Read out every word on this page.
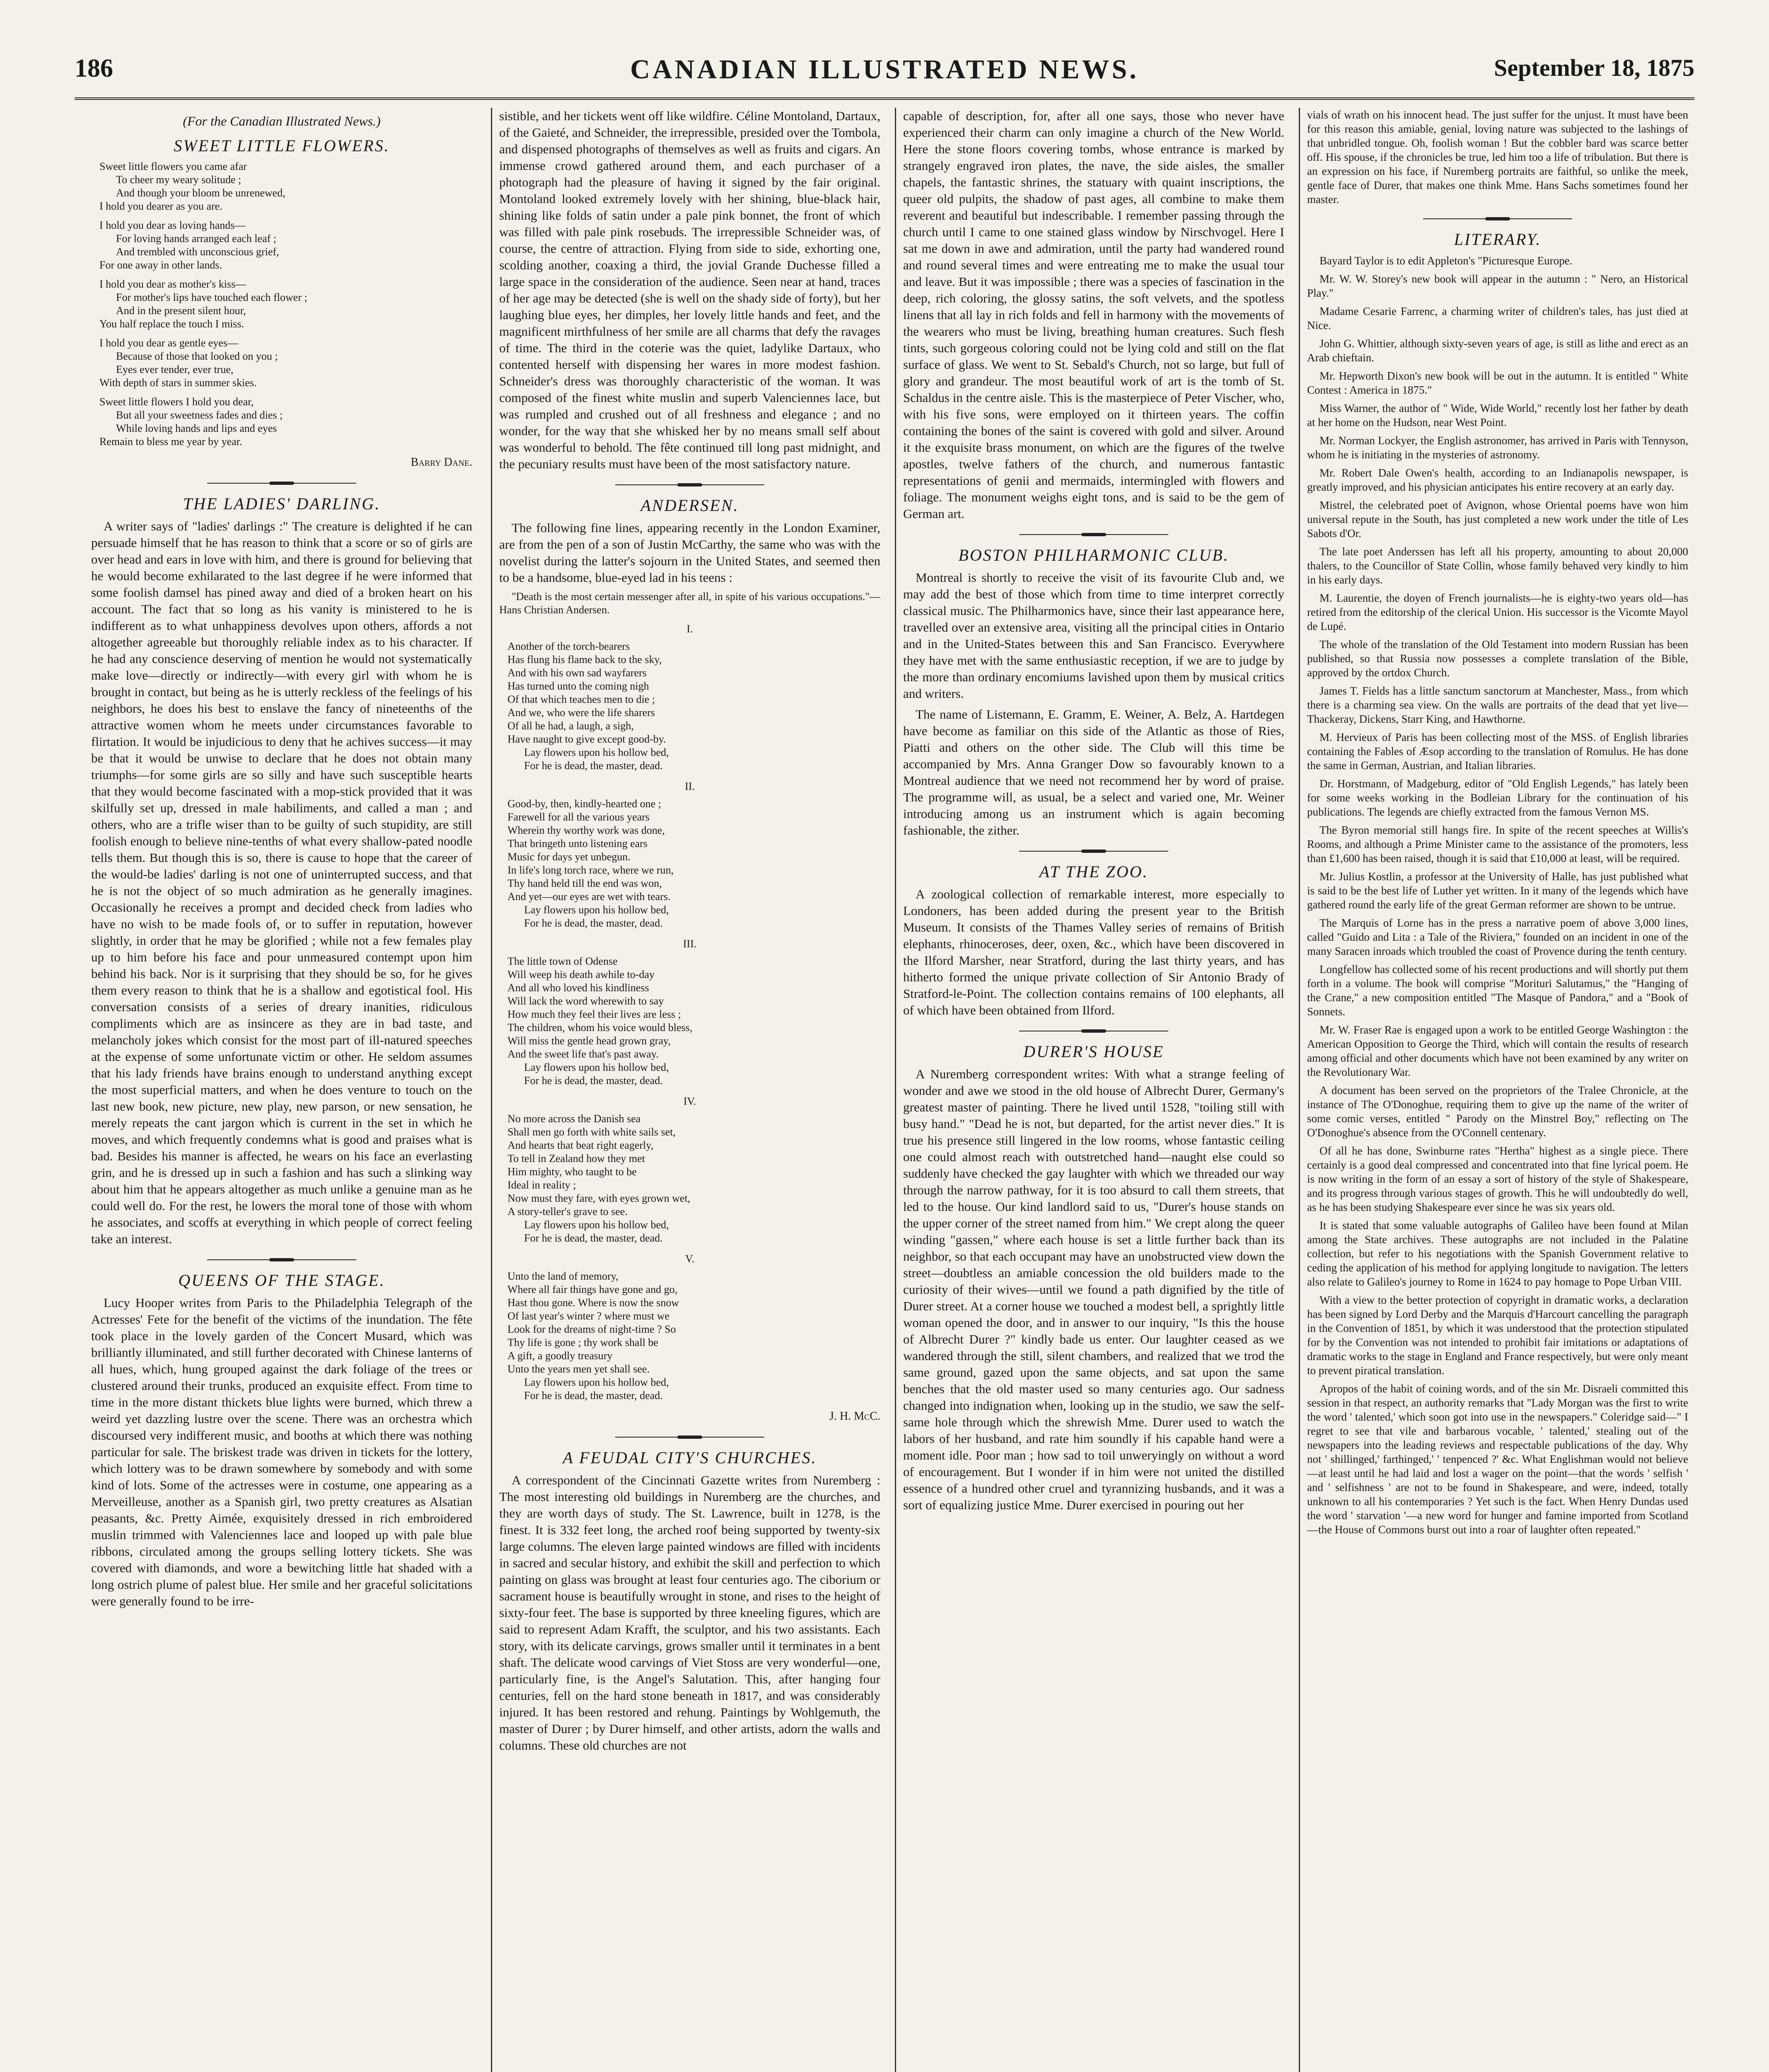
186	CANADIAN ILLUSTRATED NEWS.	September 18, 1875
(For the Canadian Illustrated News.)
SWEET LITTLE FLOWERS.
Sweet little flowers you came afar
To cheer my weary solitude ;
And though your bloom be unrenewed,
I hold you dearer as you are.
I hold you dear as loving hands—
For loving hands arranged each leaf ;
And trembled with unconscious grief,
For one away in other lands.
I hold you dear as mother's kiss—
For mother's lips have touched each flower ;
And in the present silent hour,
You half replace the touch I miss.
I hold you dear as gentle eyes—
Because of those that looked on you ;
Eyes ever tender, ever true,
With depth of stars in summer skies.
Sweet little flowers I hold you dear,
But all your sweetness fades and dies ;
While loving hands and lips and eyes
Remain to bless me year by year.
Barry Dane.
THE LADIES' DARLING.

A writer says of "ladies' darlings :" The creature is delighted if he can persuade himself that he has reason to think that a score or so of girls are over head and ears in love with him, and there is ground for believing that he would become exhilarated to the last degree if he were informed that some foolish damsel has pined away and died of a broken heart on his account. The fact that so long as his vanity is ministered to he is indifferent as to what unhappiness devolves upon others, affords a not altogether agreeable but thoroughly reliable index as to his character. If he had any conscience deserving of mention he would not systematically make love—directly or indirectly—with every girl with whom he is brought in contact, but being as he is utterly reckless of the feelings of his neighbors, he does his best to enslave the fancy of nineteenths of the attractive women whom he meets under circumstances favorable to flirtation. It would be injudicious to deny that he achives success—it may be that it would be unwise to declare that he does not obtain many triumphs—for some girls are so silly and have such susceptible hearts that they would become fascinated with a mop-stick provided that it was skilfully set up, dressed in male habiliments, and called a man ; and others, who are a trifle wiser than to be guilty of such stupidity, are still foolish enough to believe nine-tenths of what every shallow-pated noodle tells them. But though this is so, there is cause to hope that the career of the would-be ladies' darling is not one of uninterrupted success, and that he is not the object of so much admiration as he generally imagines. Occasionally he receives a prompt and decided check from ladies who have no wish to be made fools of, or to suffer in reputation, however slightly, in order that he may be glorified ; while not a few females play up to him before his face and pour unmeasured contempt upon him behind his back. Nor is it surprising that they should be so, for he gives them every reason to think that he is a shallow and egotistical fool. His conversation consists of a series of dreary inanities, ridiculous compliments which are as insincere as they are in bad taste, and melancholy jokes which consist for the most part of ill-natured speeches at the expense of some unfortunate victim or other. He seldom assumes that his lady friends have brains enough to understand anything except the most superficial matters, and when he does venture to touch on the last new book, new picture, new play, new parson, or new sensation, he merely repeats the cant jargon which is current in the set in which he moves, and which frequently condemns what is good and praises what is bad. Besides his manner is affected, he wears on his face an everlasting grin, and he is dressed up in such a fashion and has such a slinking way about him that he appears altogether as much unlike a genuine man as he could well do. For the rest, he lowers the moral tone of those with whom he associates, and scoffs at everything in which people of correct feeling take an interest.

QUEENS OF THE STAGE.

Lucy Hooper writes from Paris to the Philadelphia Telegraph of the Actresses' Fete for the benefit of the victims of the inundation. The fête took place in the lovely garden of the Concert Musard, which was brilliantly illuminated, and still further decorated with Chinese lanterns of all hues, which, hung grouped against the dark foliage of the trees or clustered around their trunks, produced an exquisite effect. From time to time in the more distant thickets blue lights were burned, which threw a weird yet dazzling lustre over the scene. There was an orchestra which discoursed very indifferent music, and booths at which there was nothing particular for sale. The briskest trade was driven in tickets for the lottery, which lottery was to be drawn somewhere by somebody and with some kind of lots. Some of the actresses were in costume, one appearing as a Merveilleuse, another as a Spanish girl, two pretty creatures as Alsatian peasants, &c. Pretty Aimée, exquisitely dressed in rich embroidered muslin trimmed with Valenciennes lace and looped up with pale blue ribbons, circulated among the groups selling lottery tickets. She was covered with diamonds, and wore a bewitching little hat shaded with a long ostrich plume of palest blue. Her smile and her graceful solicitations were generally found to be irre-

sistible, and her tickets went off like wildfire. Céline Montoland, Dartaux, of the Gaieté, and Schneider, the irrepressible, presided over the Tombola, and dispensed photographs of themselves as well as fruits and cigars. An immense crowd gathered around them, and each purchaser of a photograph had the pleasure of having it signed by the fair original. Montoland looked extremely lovely with her shining, blue-black hair, shining like folds of satin under a pale pink bonnet, the front of which was filled with pale pink rosebuds. The irrepressible Schneider was, of course, the centre of attraction. Flying from side to side, exhorting one, scolding another, coaxing a third, the jovial Grande Duchesse filled a large space in the consideration of the audience. Seen near at hand, traces of her age may be detected (she is well on the shady side of forty), but her laughing blue eyes, her dimples, her lovely little hands and feet, and the magnificent mirthfulness of her smile are all charms that defy the ravages of time. The third in the coterie was the quiet, ladylike Dartaux, who contented herself with dispensing her wares in more modest fashion. Schneider's dress was thoroughly characteristic of the woman. It was composed of the finest white muslin and superb Valenciennes lace, but was rumpled and crushed out of all freshness and elegance ; and no wonder, for the way that she whisked her by no means small self about was wonderful to behold. The fête continued till long past midnight, and the pecuniary results must have been of the most satisfactory nature.

ANDERSEN.

The following fine lines, appearing recently in the London Examiner, are from the pen of a son of Justin McCarthy, the same who was with the novelist during the latter's sojourn in the United States, and seemed then to be a handsome, blue-eyed lad in his teens :

"Death is the most certain messenger after all, in spite of his various occupations."—Hans Christian Andersen.
I.
Another of the torch-bearers
Has flung his flame back to the sky,
And with his own sad wayfarers
Has turned unto the coming nigh
Of that which teaches men to die ;
And we, who were the life sharers
Of all he had, a laugh, a sigh,
Have naught to give except good-by.
Lay flowers upon his hollow bed,
For he is dead, the master, dead.
II.
Good-by, then, kindly-hearted one ;
Farewell for all the various years
Wherein thy worthy work was done,
That bringeth unto listening ears
Music for days yet unbegun.
In life's long torch race, where we run,
Thy hand held till the end was won,
And yet—our eyes are wet with tears.
Lay flowers upon his hollow bed,
For he is dead, the master, dead.
III.
The little town of Odense
Will weep his death awhile to-day
And all who loved his kindliness
Will lack the word wherewith to say
How much they feel their lives are less ;
The children, whom his voice would bless,
Will miss the gentle head grown gray,
And the sweet life that's past away.
Lay flowers upon his hollow bed,
For he is dead, the master, dead.
IV.
No more across the Danish sea
Shall men go forth with white sails set,
And hearts that beat right eagerly,
To tell in Zealand how they met
Him mighty, who taught to be
Ideal in reality ;
Now must they fare, with eyes grown wet,
A story-teller's grave to see.
Lay flowers upon his hollow bed,
For he is dead, the master, dead.
V.
Unto the land of memory,
Where all fair things have gone and go,
Hast thou gone. Where is now the snow
Of last year's winter ? where must we
Look for the dreams of night-time ? So
Thy life is gone ; thy work shall be
A gift, a goodly treasury
Unto the years men yet shall see.
Lay flowers upon his hollow bed,
For he is dead, the master, dead.
J. H. McC.
A FEUDAL CITY'S CHURCHES.

A correspondent of the Cincinnati Gazette writes from Nuremberg : The most interesting old buildings in Nuremberg are the churches, and they are worth days of study. The St. Lawrence, built in 1278, is the finest. It is 332 feet long, the arched roof being supported by twenty-six large columns. The eleven large painted windows are filled with incidents in sacred and secular history, and exhibit the skill and perfection to which painting on glass was brought at least four centuries ago. The ciborium or sacrament house is beautifully wrought in stone, and rises to the height of sixty-four feet. The base is supported by three kneeling figures, which are said to represent Adam Krafft, the sculptor, and his two assistants. Each story, with its delicate carvings, grows smaller until it terminates in a bent shaft. The delicate wood carvings of Viet Stoss are very wonderful—one, particularly fine, is the Angel's Salutation. This, after hanging four centuries, fell on the hard stone beneath in 1817, and was considerably injured. It has been restored and rehung. Paintings by Wohlgemuth, the master of Durer ; by Durer himself, and other artists, adorn the walls and columns. These old churches are not

capable of description, for, after all one says, those who never have experienced their charm can only imagine a church of the New World. Here the stone floors covering tombs, whose entrance is marked by strangely engraved iron plates, the nave, the side aisles, the smaller chapels, the fantastic shrines, the statuary with quaint inscriptions, the queer old pulpits, the shadow of past ages, all combine to make them reverent and beautiful but indescribable. I remember passing through the church until I came to one stained glass window by Nirschvogel. Here I sat me down in awe and admiration, until the party had wandered round and round several times and were entreating me to make the usual tour and leave. But it was impossible ; there was a species of fascination in the deep, rich coloring, the glossy satins, the soft velvets, and the spotless linens that all lay in rich folds and fell in harmony with the movements of the wearers who must be living, breathing human creatures. Such flesh tints, such gorgeous coloring could not be lying cold and still on the flat surface of glass. We went to St. Sebald's Church, not so large, but full of glory and grandeur. The most beautiful work of art is the tomb of St. Schaldus in the centre aisle. This is the masterpiece of Peter Vischer, who, with his five sons, were employed on it thirteen years. The coffin containing the bones of the saint is covered with gold and silver. Around it the exquisite brass monument, on which are the figures of the twelve apostles, twelve fathers of the church, and numerous fantastic representations of genii and mermaids, intermingled with flowers and foliage. The monument weighs eight tons, and is said to be the gem of German art.

BOSTON PHILHARMONIC CLUB.

Montreal is shortly to receive the visit of its favourite Club and, we may add the best of those which from time to time interpret correctly classical music. The Philharmonics have, since their last appearance here, travelled over an extensive area, visiting all the principal cities in Ontario and in the United-States between this and San Francisco. Everywhere they have met with the same enthusiastic reception, if we are to judge by the more than ordinary encomiums lavished upon them by musical critics and writers.

The name of Listemann, E. Gramm, E. Weiner, A. Belz, A. Hartdegen have become as familiar on this side of the Atlantic as those of Ries, Piatti and others on the other side. The Club will this time be accompanied by Mrs. Anna Granger Dow so favourably known to a Montreal audience that we need not recommend her by word of praise. The programme will, as usual, be a select and varied one, Mr. Weiner introducing among us an instrument which is again becoming fashionable, the zither.

AT THE ZOO.

A zoological collection of remarkable interest, more especially to Londoners, has been added during the present year to the British Museum. It consists of the Thames Valley series of remains of British elephants, rhinoceroses, deer, oxen, &c., which have been discovered in the Ilford Marsher, near Stratford, during the last thirty years, and has hitherto formed the unique private collection of Sir Antonio Brady of Stratford-le-Point. The collection contains remains of 100 elephants, all of which have been obtained from Ilford.

DURER'S HOUSE

A Nuremberg correspondent writes: With what a strange feeling of wonder and awe we stood in the old house of Albrecht Durer, Germany's greatest master of painting. There he lived until 1528, "toiling still with busy hand." "Dead he is not, but departed, for the artist never dies." It is true his presence still lingered in the low rooms, whose fantastic ceiling one could almost reach with outstretched hand—naught else could so suddenly have checked the gay laughter with which we threaded our way through the narrow pathway, for it is too absurd to call them streets, that led to the house. Our kind landlord said to us, "Durer's house stands on the upper corner of the street named from him." We crept along the queer winding "gassen," where each house is set a little further back than its neighbor, so that each occupant may have an unobstructed view down the street—doubtless an amiable concession the old builders made to the curiosity of their wives—until we found a path dignified by the title of Durer street. At a corner house we touched a modest bell, a sprightly little woman opened the door, and in answer to our inquiry, "Is this the house of Albrecht Durer ?" kindly bade us enter. Our laughter ceased as we wandered through the still, silent chambers, and realized that we trod the same ground, gazed upon the same objects, and sat upon the same benches that the old master used so many centuries ago. Our sadness changed into indignation when, looking up in the studio, we saw the self-same hole through which the shrewish Mme. Durer used to watch the labors of her husband, and rate him soundly if his capable hand were a moment idle. Poor man ; how sad to toil unweryingly on without a word of encouragement. But I wonder if in him were not united the distilled essence of a hundred other cruel and tyrannizing husbands, and it was a sort of equalizing justice Mme. Durer exercised in pouring out her

vials of wrath on his innocent head. The just suffer for the unjust. It must have been for this reason this amiable, genial, loving nature was subjected to the lashings of that unbridled tongue. Oh, foolish woman ! But the cobbler bard was scarce better off. His spouse, if the chronicles be true, led him too a life of tribulation. But there is an expression on his face, if Nuremberg portraits are faithful, so unlike the meek, gentle face of Durer, that makes one think Mme. Hans Sachs sometimes found her master.

LITERARY.

Bayard Taylor is to edit Appleton's "Picturesque Europe.

Mr. W. W. Storey's new book will appear in the autumn : " Nero, an Historical Play."

Madame Cesarie Farrenc, a charming writer of children's tales, has just died at Nice.

John G. Whittier, although sixty-seven years of age, is still as lithe and erect as an Arab chieftain.

Mr. Hepworth Dixon's new book will be out in the autumn. It is entitled " White Contest : America in 1875."

Miss Warner, the author of " Wide, Wide World," recently lost her father by death at her home on the Hudson, near West Point.

Mr. Norman Lockyer, the English astronomer, has arrived in Paris with Tennyson, whom he is initiating in the mysteries of astronomy.

Mr. Robert Dale Owen's health, according to an Indianapolis newspaper, is greatly improved, and his physician anticipates his entire recovery at an early day.

Mistrel, the celebrated poet of Avignon, whose Oriental poems have won him universal repute in the South, has just completed a new work under the title of Les Sabots d'Or.

The late poet Anderssen has left all his property, amounting to about 20,000 thalers, to the Councillor of State Collin, whose family behaved very kindly to him in his early days.

M. Laurentie, the doyen of French journalists—he is eighty-two years old—has retired from the editorship of the clerical Union. His successor is the Vicomte Mayol de Lupé.

The whole of the translation of the Old Testament into modern Russian has been published, so that Russia now possesses a complete translation of the Bible, approved by the ortdox Church.

James T. Fields has a little sanctum sanctorum at Manchester, Mass., from which there is a charming sea view. On the walls are portraits of the dead that yet live—Thackeray, Dickens, Starr King, and Hawthorne.

M. Hervieux of Paris has been collecting most of the MSS. of English libraries containing the Fables of Æsop according to the translation of Romulus. He has done the same in German, Austrian, and Italian libraries.

Dr. Horstmann, of Madgeburg, editor of "Old English Legends," has lately been for some weeks working in the Bodleian Library for the continuation of his publications. The legends are chiefly extracted from the famous Vernon MS.

The Byron memorial still hangs fire. In spite of the recent speeches at Willis's Rooms, and although a Prime Minister came to the assistance of the promoters, less than £1,600 has been raised, though it is said that £10,000 at least, will be required.

Mr. Julius Kostlin, a professor at the University of Halle, has just published what is said to be the best life of Luther yet written. In it many of the legends which have gathered round the early life of the great German reformer are shown to be untrue.

The Marquis of Lorne has in the press a narrative poem of above 3,000 lines, called "Guido and Lita : a Tale of the Riviera," founded on an incident in one of the many Saracen inroads which troubled the coast of Provence during the tenth century.

Longfellow has collected some of his recent productions and will shortly put them forth in a volume. The book will comprise "Morituri Salutamus," the "Hanging of the Crane," a new composition entitled "The Masque of Pandora," and a "Book of Sonnets.

Mr. W. Fraser Rae is engaged upon a work to be entitled George Washington : the American Opposition to George the Third, which will contain the results of research among official and other documents which have not been examined by any writer on the Revolutionary War.

A document has been served on the proprietors of the Tralee Chronicle, at the instance of The O'Donoghue, requiring them to give up the name of the writer of some comic verses, entitled " Parody on the Minstrel Boy," reflecting on The O'Donoghue's absence from the O'Connell centenary.

Of all he has done, Swinburne rates "Hertha" highest as a single piece. There certainly is a good deal compressed and concentrated into that fine lyrical poem. He is now writing in the form of an essay a sort of history of the style of Shakespeare, and its progress through various stages of growth. This he will undoubtedly do well, as he has been studying Shakespeare ever since he was six years old.

It is stated that some valuable autographs of Galileo have been found at Milan among the State archives. These autographs are not included in the Palatine collection, but refer to his negotiations with the Spanish Government relative to ceding the application of his method for applying longitude to navigation. The letters also relate to Galileo's journey to Rome in 1624 to pay homage to Pope Urban VIII.

With a view to the better protection of copyright in dramatic works, a declaration has been signed by Lord Derby and the Marquis d'Harcourt cancelling the paragraph in the Convention of 1851, by which it was understood that the protection stipulated for by the Convention was not intended to prohibit fair imitations or adaptations of dramatic works to the stage in England and France respectively, but were only meant to prevent piratical translation.

Apropos of the habit of coining words, and of the sin Mr. Disraeli committed this session in that respect, an authority remarks that "Lady Morgan was the first to write the word ' talented,' which soon got into use in the newspapers." Coleridge said—" I regret to see that vile and barbarous vocable, ' talented,' stealing out of the newspapers into the leading reviews and respectable publications of the day. Why not ' shillinged,' farthinged,' ' tenpenced ?' &c. What Englishman would not believe—at least until he had laid and lost a wager on the point—that the words ' selfish ' and ' selfishness ' are not to be found in Shakespeare, and were, indeed, totally unknown to all his contemporaries ? Yet such is the fact. When Henry Dundas used the word ' starvation '—a new word for hunger and famine imported from Scotland—the House of Commons burst out into a roar of laughter often repeated."
